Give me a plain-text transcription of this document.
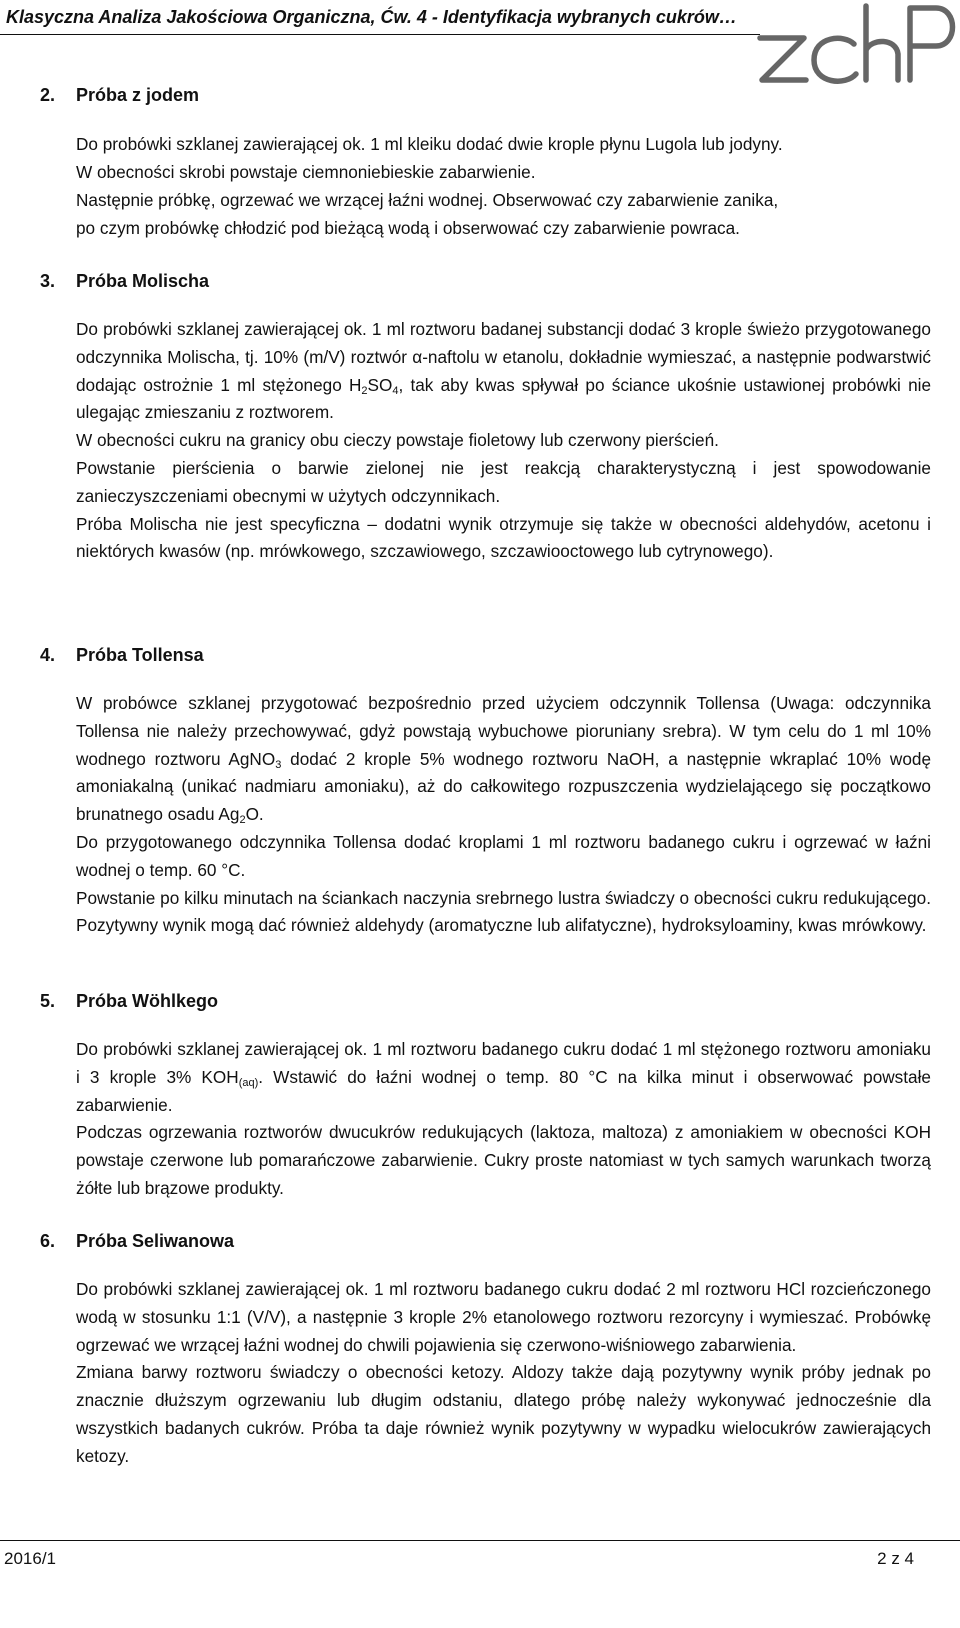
Klasyczna Analiza Jakościowa Organiczna, Ćw. 4 - Identyfikacja wybranych cukrów…
2.	Próba z jodem
Do probówki szklanej zawierającej ok. 1 ml kleiku dodać dwie krople płynu Lugola lub jodyny.
W obecności skrobi powstaje ciemnoniebieskie zabarwienie.
Następnie próbkę, ogrzewać we wrzącej łaźni wodnej. Obserwować czy zabarwienie zanika,
po czym probówkę chłodzić pod bieżącą wodą i obserwować czy zabarwienie powraca.
3.	Próba Molischa

Do probówki szklanej zawierającej ok. 1 ml roztworu badanej substancji dodać 3 krople świeżo przygotowanego odczynnika Molischa, tj. 10% (m/V) roztwór α-naftolu w etanolu, dokładnie wymieszać, a następnie podwarstwić dodając ostrożnie 1 ml stężonego $H_2SO_4$, tak aby kwas spływał po ściance ukośnie ustawionej probówki nie ulegając zmieszaniu z roztworem.

W obecności cukru na granicy obu cieczy powstaje fioletowy lub czerwony pierścień.

Powstanie pierścienia o barwie zielonej nie jest reakcją charakterystyczną i jest spowodowanie zanieczyszczeniami obecnymi w użytych odczynnikach.

Próba Molischa nie jest specyficzna – dodatni wynik otrzymuje się także w obecności aldehydów, acetonu i niektórych kwasów (np. mrówkowego, szczawiowego, szczawiooctowego lub cytrynowego).

4.	Próba Tollensa

W probówce szklanej przygotować bezpośrednio przed użyciem odczynnik Tollensa (Uwaga: odczynnika Tollensa nie należy przechowywać, gdyż powstają wybuchowe pioruniany srebra). W tym celu do 1 ml 10% wodnego roztworu AgNO$_3$ dodać 2 krople 5% wodnego roztworu NaOH, a następnie wkraplać 10% wodę amoniakalną (unikać nadmiaru amoniaku), aż do całkowitego rozpuszczenia wydzielającego się początkowo brunatnego osadu $Ag_2O$.

Do przygotowanego odczynnika Tollensa dodać kroplami 1 ml roztworu badanego cukru i ogrzewać w łaźni wodnej o temp. 60 °C.

Powstanie po kilku minutach na ściankach naczynia srebrnego lustra świadczy o obecności cukru redukującego. Pozytywny wynik mogą dać również aldehydy (aromatyczne lub alifatyczne), hydroksyloaminy, kwas mrówkowy.

5.	Próba Wöhlkego

Do probówki szklanej zawierającej ok. 1 ml roztworu badanego cukru dodać 1 ml stężonego roztworu amoniaku i 3 krople 3% $KOH_{(aq)}$. Wstawić do łaźni wodnej o temp. 80 °C na kilka minut i obserwować powstałe zabarwienie.

Podczas ogrzewania roztworów dwucukrów redukujących (laktoza, maltoza) z amoniakiem w obecności KOH powstaje czerwone lub pomarańczowe zabarwienie. Cukry proste natomiast w tych samych warunkach tworzą żółte lub brązowe produkty.

6.	Próba Seliwanowa

Do probówki szklanej zawierającej ok. 1 ml roztworu badanego cukru dodać 2 ml roztworu HCl rozcieńczonego wodą w stosunku 1:1 (V/V), a następnie 3 krople 2% etanolowego roztworu rezorcyny i wymieszać. Probówkę ogrzewać we wrzącej łaźni wodnej do chwili pojawienia się czerwono-wiśniowego zabarwienia.

Zmiana barwy roztworu świadczy o obecności ketozy. Aldozy także dają pozytywny wynik próby jednak po znacznie dłuższym ogrzewaniu lub długim odstaniu, dlatego próbę należy wykonywać jednocześnie dla wszystkich badanych cukrów. Próba ta daje również wynik pozytywny w wypadku wielocukrów zawierających ketozy.

2016/1	2 z 4
